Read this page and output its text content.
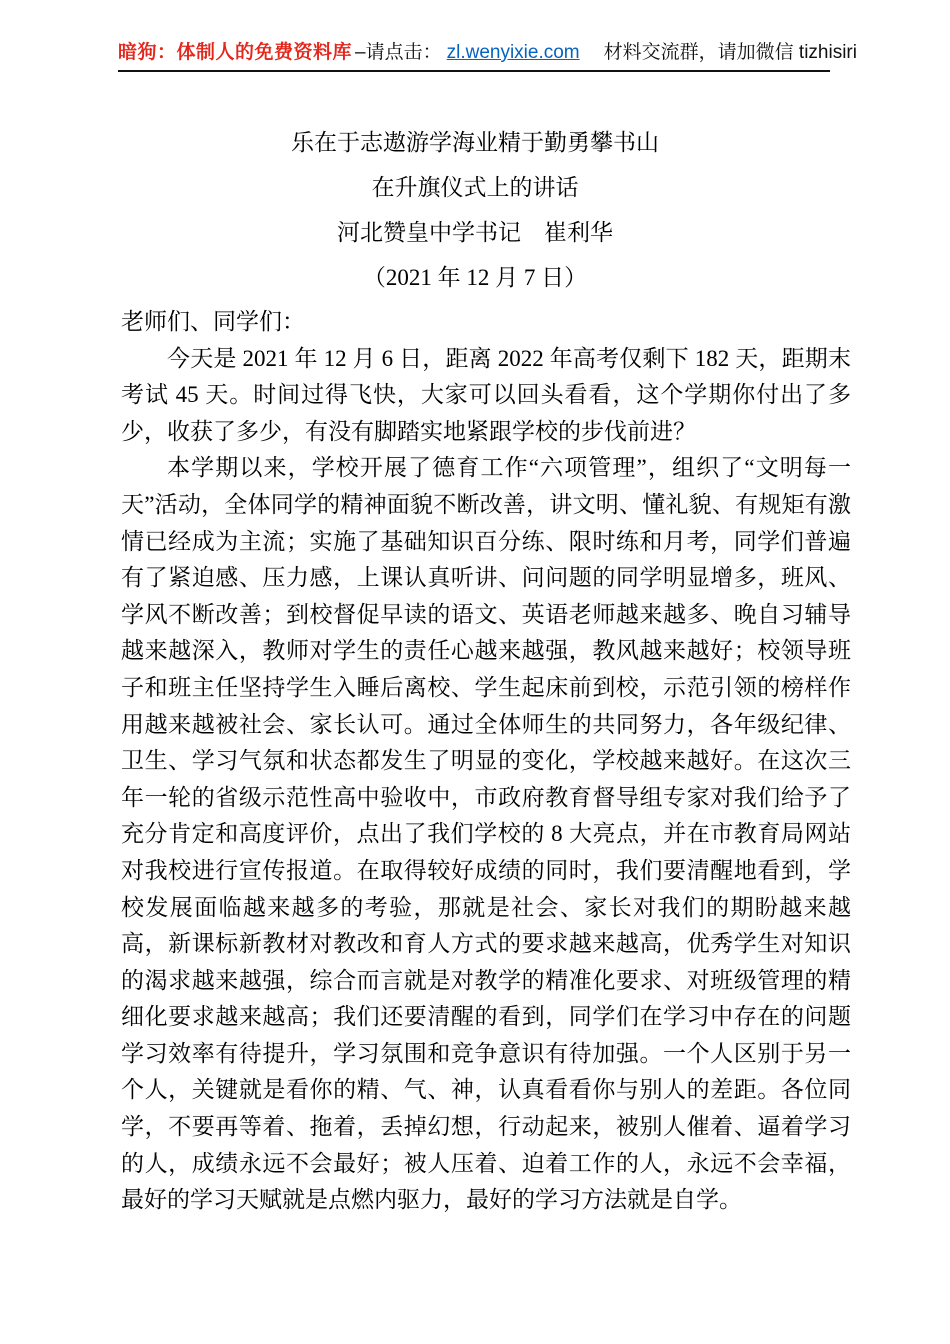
暗狗：体制人的免费资料库 –请点击： zl.wenyixie.com 材料交流群，请加微信 tizhisiri
乐在于志遨游学海业精于勤勇攀书山
在升旗仪式上的讲话
河北赞皇中学书记　崔利华
（2021 年 12 月 7 日）

老师们、同学们：

今天是 2021 年 12 月 6 日，距离 2022 年高考仅剩下 182 天，距期末考试 45 天。时间过得飞快，大家可以回头看看，这个学期你付出了多少，收获了多少，有没有脚踏实地紧跟学校的步伐前进？

本学期以来，学校开展了德育工作“六项管理”，组织了“文明每一天”活动，全体同学的精神面貌不断改善，讲文明、懂礼貌、有规矩有激情已经成为主流；实施了基础知识百分练、限时练和月考，同学们普遍有了紧迫感、压力感，上课认真听讲、问问题的同学明显增多，班风、学风不断改善；到校督促早读的语文、英语老师越来越多、晚自习辅导越来越深入，教师对学生的责任心越来越强，教风越来越好；校领导班子和班主任坚持学生入睡后离校、学生起床前到校，示范引领的榜样作用越来越被社会、家长认可。通过全体师生的共同努力，各年级纪律、卫生、学习气氛和状态都发生了明显的变化，学校越来越好。在这次三年一轮的省级示范性高中验收中，市政府教育督导组专家对我们给予了充分肯定和高度评价，点出了我们学校的 8 大亮点，并在市教育局网站对我校进行宣传报道。在取得较好成绩的同时，我们要清醒地看到，学校发展面临越来越多的考验，那就是社会、家长对我们的期盼越来越高，新课标新教材对教改和育人方式的要求越来越高，优秀学生对知识的渴求越来越强，综合而言就是对教学的精准化要求、对班级管理的精细化要求越来越高；我们还要清醒的看到，同学们在学习中存在的问题学习效率有待提升，学习氛围和竞争意识有待加强。一个人区别于另一个人，关键就是看你的精、气、神，认真看看你与别人的差距。各位同学，不要再等着、拖着，丢掉幻想，行动起来，被别人催着、逼着学习的人，成绩永远不会最好；被人压着、迫着工作的人，永远不会幸福，最好的学习天赋就是点燃内驱力，最好的学习方法就是自学。
